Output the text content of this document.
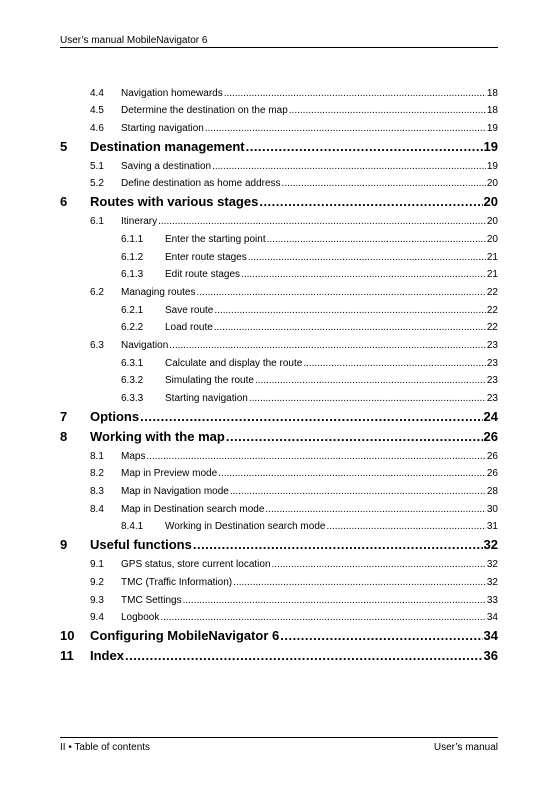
User’s manual MobileNavigator 6
4.4	Navigation homewards .....	18
4.5	Determine the destination on the map .....	18
4.6	Starting navigation .....	19
5	Destination management .....	19
5.1	Saving a destination .....	19
5.2	Define destination as home address .....	20
6	Routes with various stages .....	20
6.1	Itinerary .....	20
6.1.1	Enter the starting point .....	20
6.1.2	Enter route stages .....	21
6.1.3	Edit route stages .....	21
6.2	Managing routes .....	22
6.2.1	Save route .....	22
6.2.2	Load route .....	22
6.3	Navigation .....	23
6.3.1	Calculate and display the route .....	23
6.3.2	Simulating the route .....	23
6.3.3	Starting navigation .....	23
7	Options .....	24
8	Working with the map .....	26
8.1	Maps .....	26
8.2	Map in Preview mode .....	26
8.3	Map in Navigation mode .....	28
8.4	Map in Destination search mode .....	30
8.4.1	Working in Destination search mode .....	31
9	Useful functions .....	32
9.1	GPS status, store current location .....	32
9.2	TMC (Traffic Information) .....	32
9.3	TMC Settings .....	33
9.4	Logbook .....	34
10	Configuring MobileNavigator 6 .....	34
11	Index .....	36
II • Table of contents	User’s manual
